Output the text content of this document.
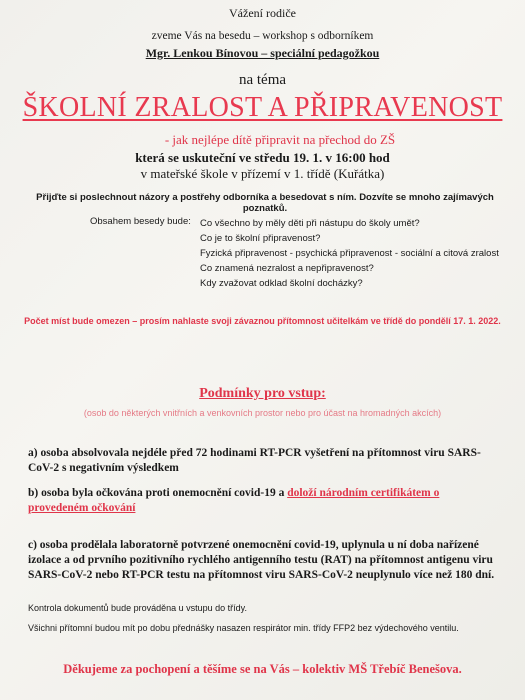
Vážení rodiče
zveme Vás na besedu – workshop s odborníkem
Mgr. Lenkou Bínovou – speciální pedagožkou
na téma
ŠKOLNÍ ZRALOST A PŘIPRAVENOST
- jak nejlépe dítě připravit na přechod do ZŠ
která se uskuteční ve středu 19. 1. v 16:00 hod
v mateřské škole v přízemí v 1. třídě (Kuřátka)
Přijďte si poslechnout názory a postřehy odborníka a besedovat s ním. Dozvíte se mnoho zajímavých poznatků.
Obsahem besedy bude: Co všechno by měly děti při nástupu do školy umět?
Co je to školní připravenost?
Fyzická připravenost - psychická připravenost - sociální a citová zralost
Co znamená nezralost a nepřipravenost?
Kdy zvažovat odklad školní docházky?
Počet míst bude omezen – prosím nahlaste svoji závaznou přítomnost učitelkám ve třídě do pondělí 17. 1. 2022.
Podmínky pro vstup:
(osob do některých vnitřních a venkovních prostor nebo pro účast na hromadných akcích)
a) osoba absolvovala nejdéle před 72 hodinami RT-PCR vyšetření na přítomnost viru SARS-CoV-2 s negativním výsledkem
b) osoba byla očkována proti onemocnění covid-19 a doloží národním certifikátem o provedeném očkování
c) osoba prodělala laboratorně potvrzené onemocnění covid-19, uplynula u ní doba nařízené izolace a od prvního pozitivního rychlého antigenního testu (RAT) na přítomnost antigenu viru SARS-CoV-2 nebo RT-PCR testu na přítomnost viru SARS-CoV-2 neuplynulo více než 180 dní.
Kontrola dokumentů bude prováděna u vstupu do třídy.
Všichni přítomní budou mít po dobu přednášky nasazen respirátor min. třídy FFP2 bez výdechového ventilu.
Děkujeme za pochopení a těšíme se na Vás – kolektiv MŠ Třebíč Benešova.
